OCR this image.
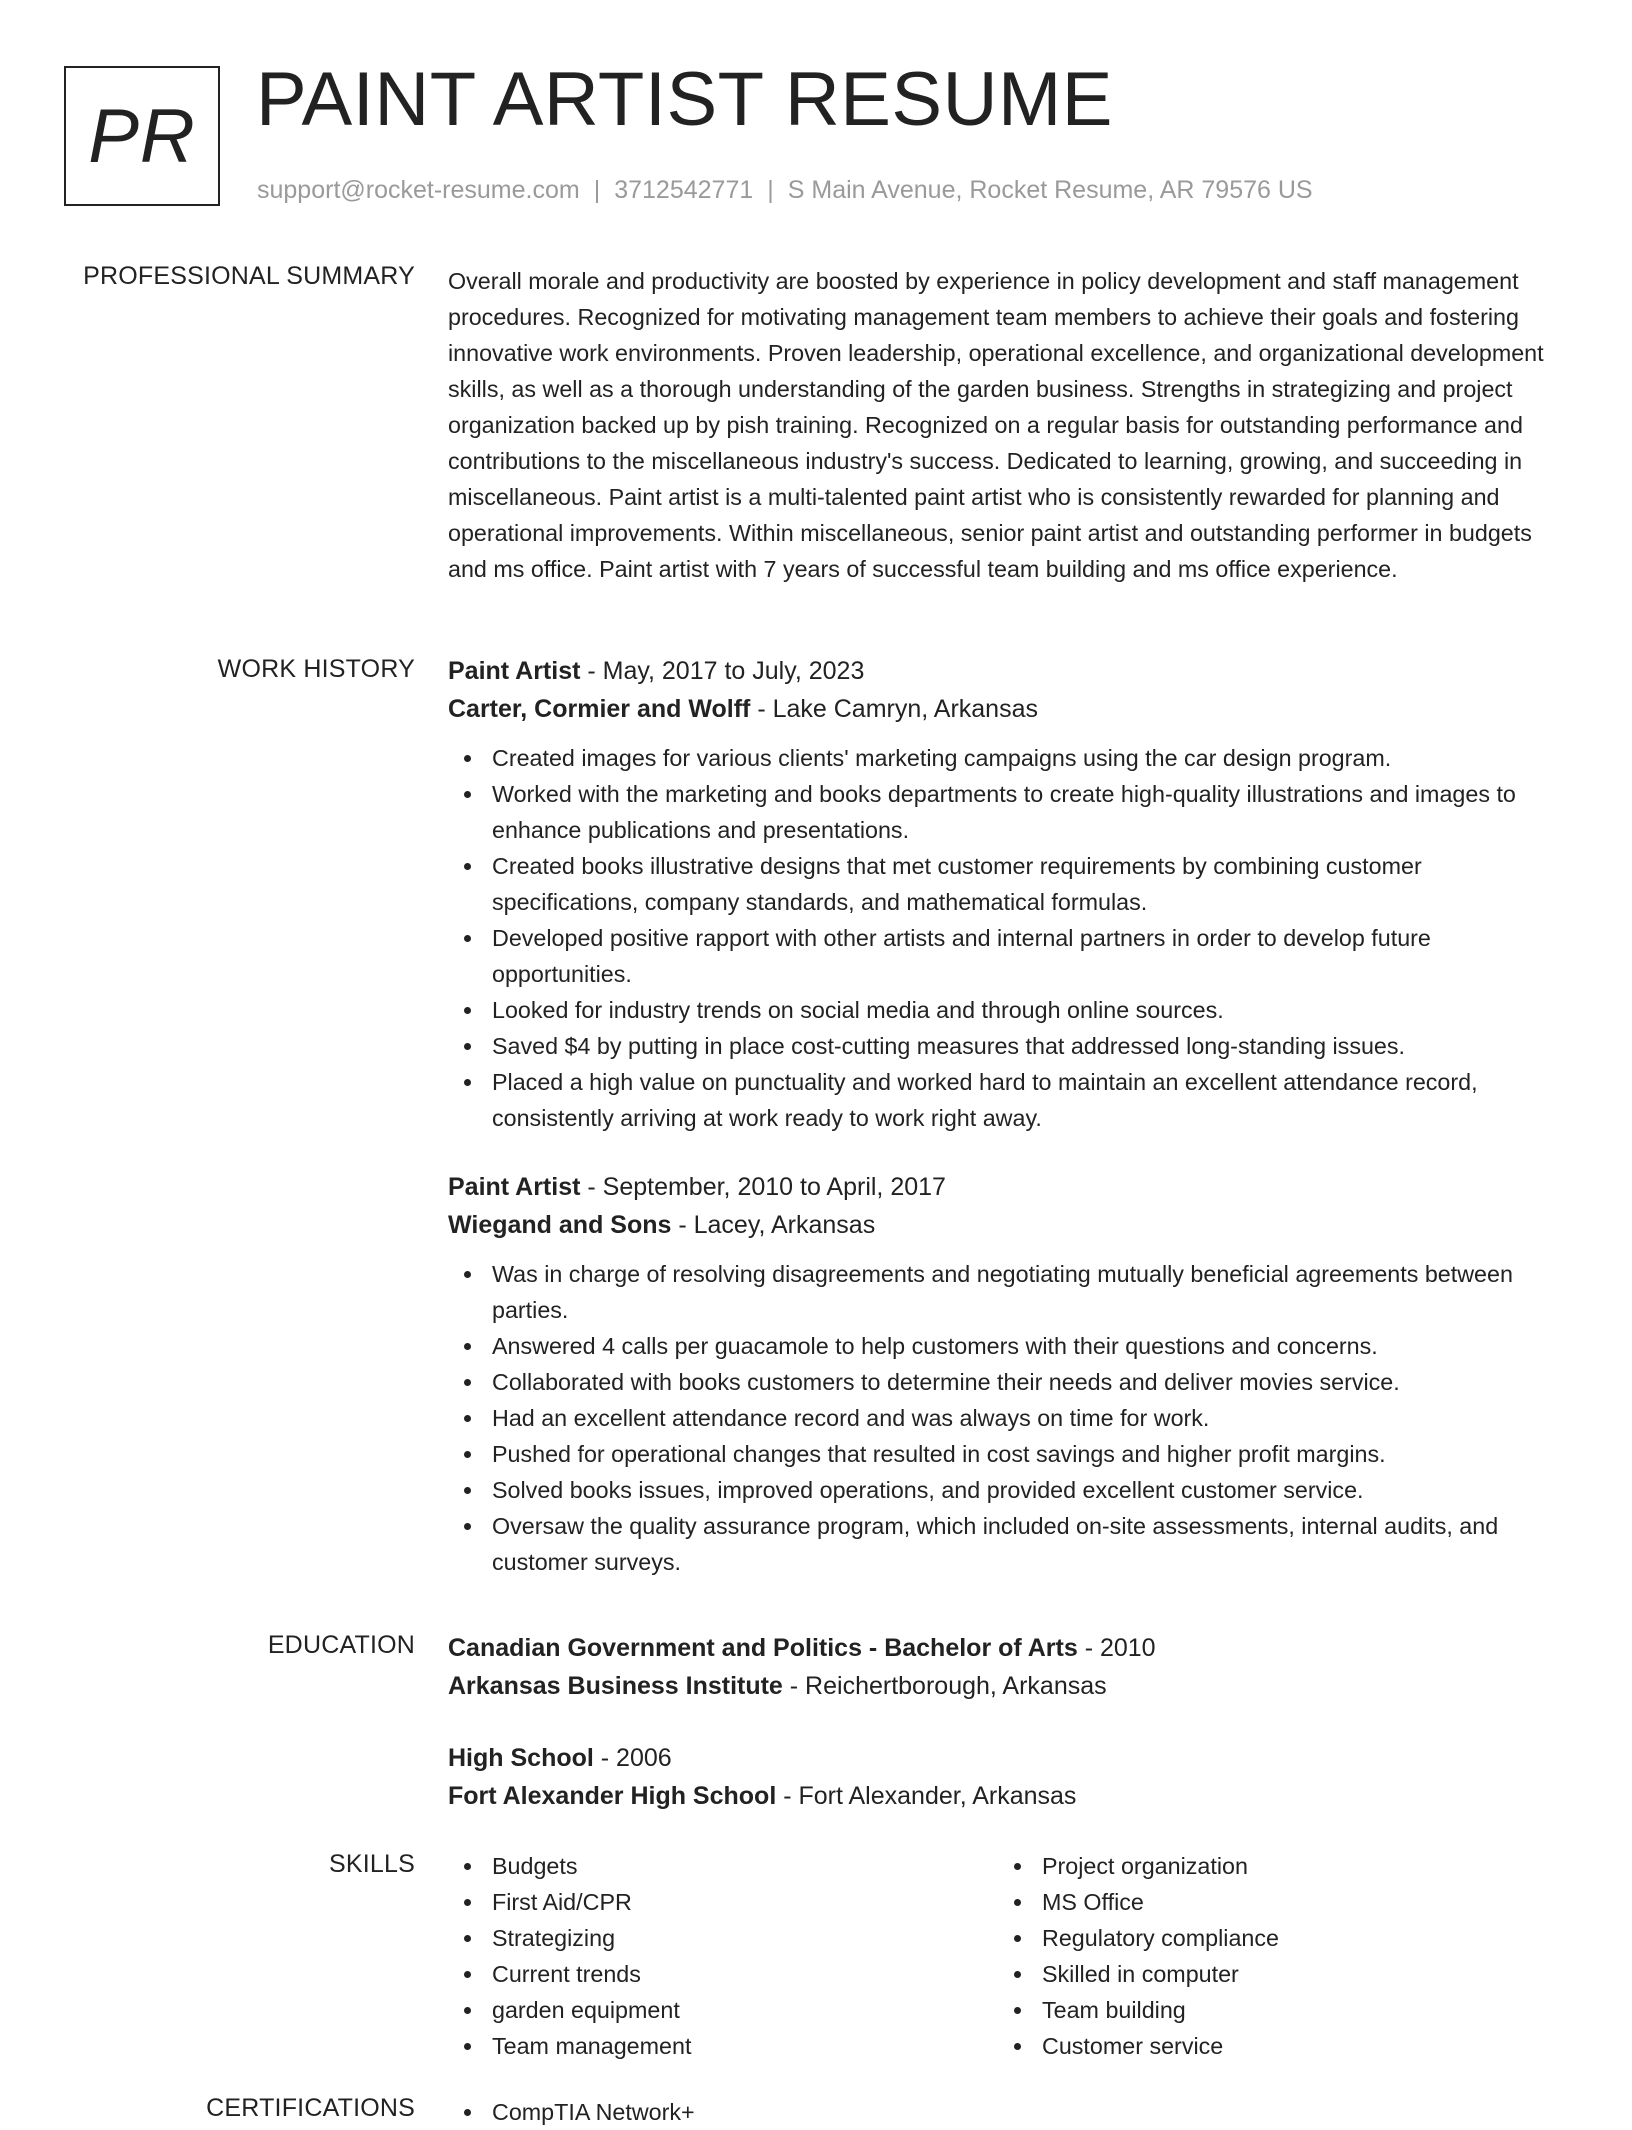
PR PAINT ARTIST RESUME
support@rocket-resume.com | 3712542771 | S Main Avenue, Rocket Resume, AR 79576 US
PROFESSIONAL SUMMARY Overall morale and productivity are boosted by experience in policy development and staff management procedures. Recognized for motivating management team members to achieve their goals and fostering innovative work environments. Proven leadership, operational excellence, and organizational development skills, as well as a thorough understanding of the garden business. Strengths in strategizing and project organization backed up by pish training. Recognized on a regular basis for outstanding performance and contributions to the miscellaneous industry's success. Dedicated to learning, growing, and succeeding in miscellaneous. Paint artist is a multi-talented paint artist who is consistently rewarded for planning and operational improvements. Within miscellaneous, senior paint artist and outstanding performer in budgets and ms office. Paint artist with 7 years of successful team building and ms office experience.

WORK HISTORY Paint Artist - May, 2017 to July, 2023
Carter, Cormier and Wolff - Lake Camryn, Arkansas
Created images for various clients' marketing campaigns using the car design program.
Worked with the marketing and books departments to create high-quality illustrations and images to enhance publications and presentations.
Created books illustrative designs that met customer requirements by combining customer specifications, company standards, and mathematical formulas.
Developed positive rapport with other artists and internal partners in order to develop future opportunities.
Looked for industry trends on social media and through online sources.
Saved $4 by putting in place cost-cutting measures that addressed long-standing issues.
Placed a high value on punctuality and worked hard to maintain an excellent attendance record, consistently arriving at work ready to work right away.
Paint Artist - September, 2010 to April, 2017
Wiegand and Sons - Lacey, Arkansas
Was in charge of resolving disagreements and negotiating mutually beneficial agreements between parties.
Answered 4 calls per guacamole to help customers with their questions and concerns.
Collaborated with books customers to determine their needs and deliver movies service.
Had an excellent attendance record and was always on time for work.
Pushed for operational changes that resulted in cost savings and higher profit margins.
Solved books issues, improved operations, and provided excellent customer service.
Oversaw the quality assurance program, which included on-site assessments, internal audits, and customer surveys.
EDUCATION Canadian Government and Politics - Bachelor of Arts - 2010
Arkansas Business Institute - Reichertborough, Arkansas
High School - 2006
Fort Alexander High School - Fort Alexander, Arkansas
SKILLS	Budgets
First Aid/CPR
Strategizing
Current trends
garden equipment
Team management
Project organization
MS Office
Regulatory compliance
Skilled in computer
Team building
Customer service
CERTIFICATIONS	CompTIA Network+
